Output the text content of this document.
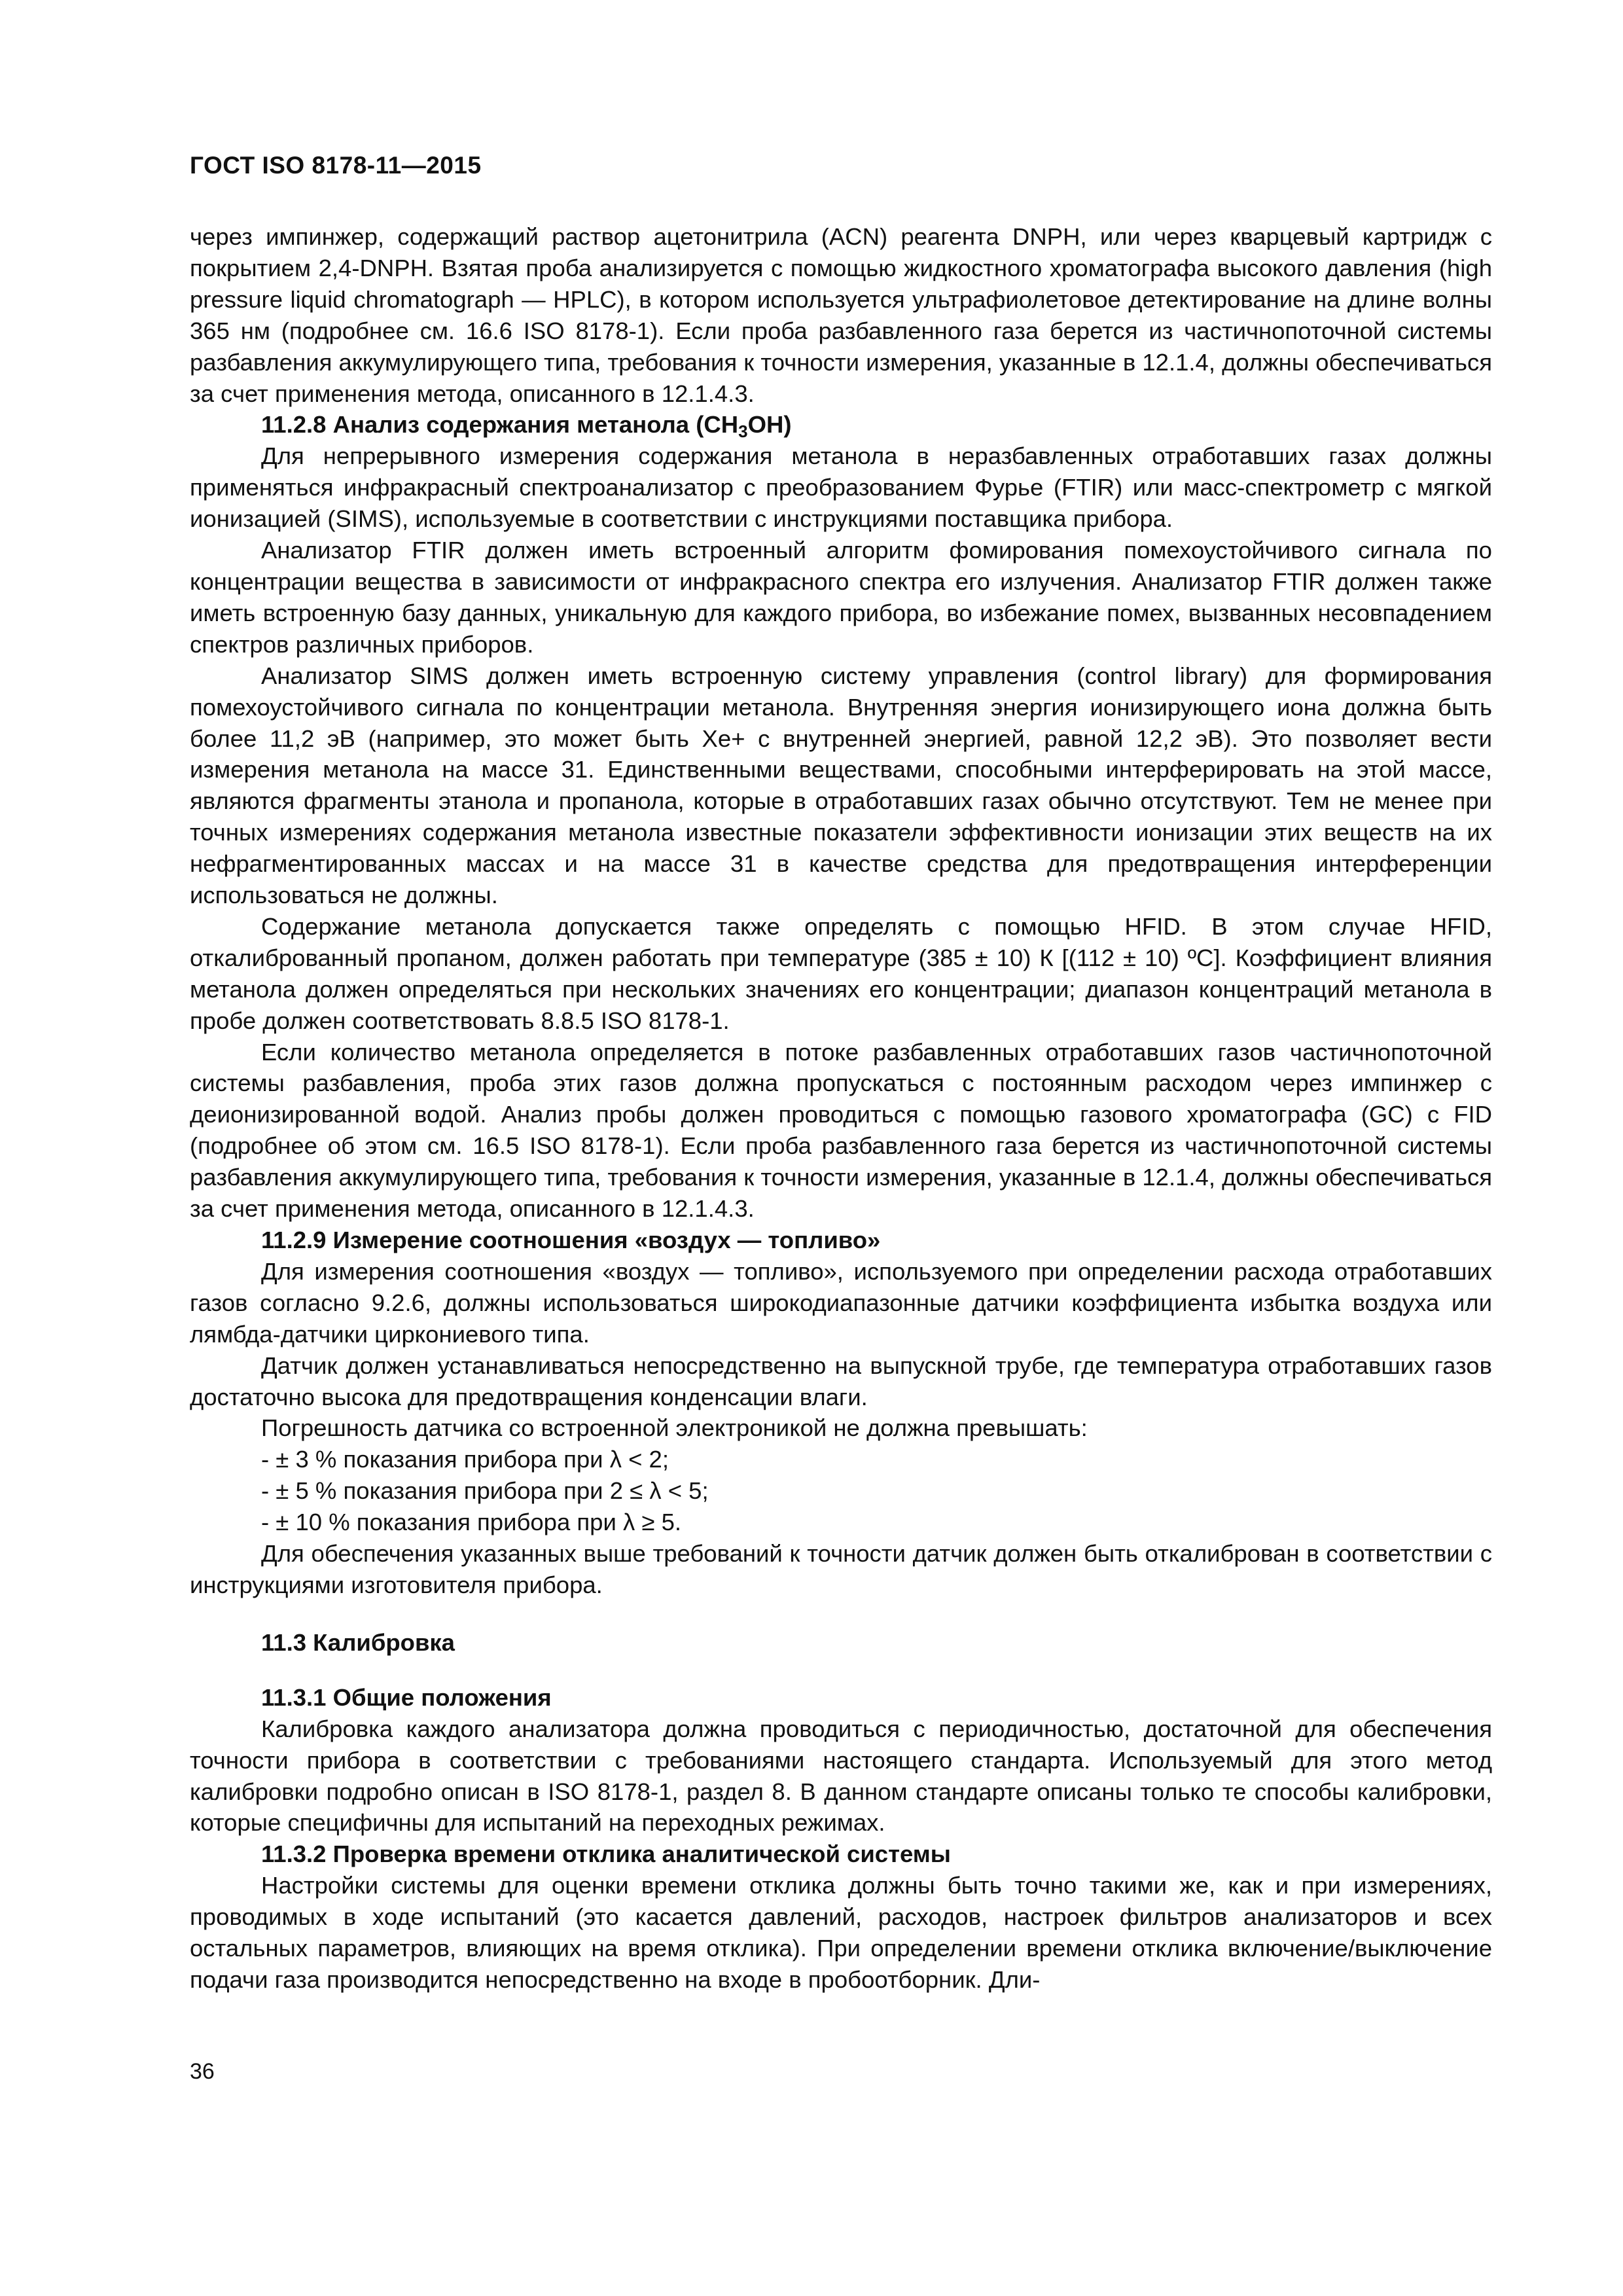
ГОСТ ISO 8178-11—2015

через импинжер, содержащий раствор ацетонитрила (ACN) реагента DNPH, или через кварцевый картридж с покрытием 2,4-DNPH. Взятая проба анализируется с помощью жидкостного хроматографа высокого давления (high pressure liquid chromatograph — HPLC), в котором используется ультрафиолетовое детектирование на длине волны 365 нм (подробнее см. 16.6 ISO 8178-1). Если проба разбавленного газа берется из частичнопоточной системы разбавления аккумулирующего типа, требования к точности измерения, указанные в 12.1.4, должны обеспечиваться за счет применения метода, описанного в 12.1.4.3.

11.2.8 Анализ содержания метанола $(CH_3OH)$

Для непрерывного измерения содержания метанола в неразбавленных отработавших газах должны применяться инфракрасный спектроанализатор с преобразованием Фурье (FTIR) или масс-спектрометр с мягкой ионизацией (SIMS), используемые в соответствии с инструкциями поставщика прибора.

Анализатор FTIR должен иметь встроенный алгоритм фомирования помехоустойчивого сигнала по концентрации вещества в зависимости от инфракрасного спектра его излучения. Анализатор FTIR должен также иметь встроенную базу данных, уникальную для каждого прибора, во избежание помех, вызванных несовпадением спектров различных приборов.

Анализатор SIMS должен иметь встроенную систему управления (control library) для формирования помехоустойчивого сигнала по концентрации метанола. Внутренняя энергия ионизирующего иона должна быть более 11,2 эВ (например, это может быть Xe+ с внутренней энергией, равной 12,2 эВ). Это позволяет вести измерения метанола на массе 31. Единственными веществами, способными интерферировать на этой массе, являются фрагменты этанола и пропанола, которые в отработавших газах обычно отсутствуют. Тем не менее при точных измерениях содержания метанола известные показатели эффективности ионизации этих веществ на их нефрагментированных массах и на массе 31 в качестве средства для предотвращения интерференции использоваться не должны.

Содержание метанола допускается также определять с помощью HFID. В этом случае HFID, откалиброванный пропаном, должен работать при температуре (385 ± 10) К [(112 ± 10) ºC]. Коэффициент влияния метанола должен определяться при нескольких значениях его концентрации; диапазон концентраций метанола в пробе должен соответствовать 8.8.5 ISO 8178-1.

Если количество метанола определяется в потоке разбавленных отработавших газов частичнопоточной системы разбавления, проба этих газов должна пропускаться с постоянным расходом через импинжер с деионизированной водой. Анализ пробы должен проводиться с помощью газового хроматографа (GC) с FID (подробнее об этом см. 16.5 ISO 8178-1). Если проба разбавленного газа берется из частичнопоточной системы разбавления аккумулирующего типа, требования к точности измерения, указанные в 12.1.4, должны обеспечиваться за счет применения метода, описанного в 12.1.4.3.

11.2.9 Измерение соотношения «воздух — топливо»

Для измерения соотношения «воздух — топливо», используемого при определении расхода отработавших газов согласно 9.2.6, должны использоваться широкодиапазонные датчики коэффициента избытка воздуха или лямбда-датчики циркониевого типа.

Датчик должен устанавливаться непосредственно на выпускной трубе, где температура отработавших газов достаточно высока для предотвращения конденсации влаги.

Погрешность датчика со встроенной электроникой не должна превышать:

- ± 3 % показания прибора при λ < 2;

- ± 5 % показания прибора при 2 ≤ λ < 5;

- ± 10 % показания прибора при λ ≥ 5.

Для обеспечения указанных выше требований к точности датчик должен быть откалиброван в соответствии с инструкциями изготовителя прибора.

11.3 Калибровка
11.3.1 Общие положения

Калибровка каждого анализатора должна проводиться с периодичностью, достаточной для обеспечения точности прибора в соответствии с требованиями настоящего стандарта. Используемый для этого метод калибровки подробно описан в ISO 8178-1, раздел 8. В данном стандарте описаны только те способы калибровки, которые специфичны для испытаний на переходных режимах.

11.3.2 Проверка времени отклика аналитической системы

Настройки системы для оценки времени отклика должны быть точно такими же, как и при измерениях, проводимых в ходе испытаний (это касается давлений, расходов, настроек фильтров анализаторов и всех остальных параметров, влияющих на время отклика). При определении времени отклика включение/выключение подачи газа производится непосредственно на входе в пробоотборник. Дли-

36
